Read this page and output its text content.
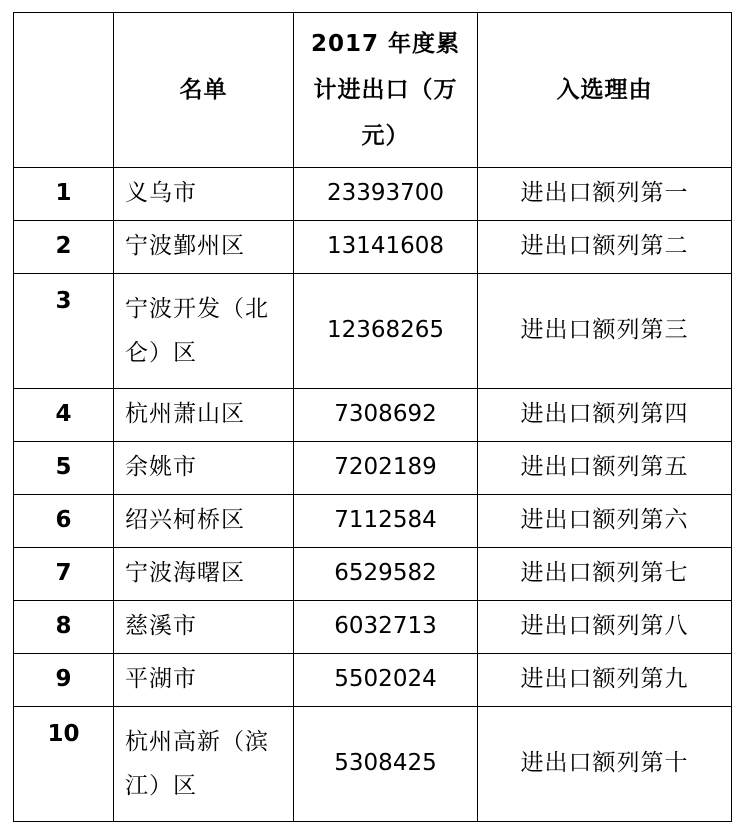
	名单	2017 年度累计进出口（万元）	入选理由

1	义乌市	23393700	进出口额列第一
2	宁波鄞州区	13141608	进出口额列第二
3	宁波开发（北仑）区	12368265	进出口额列第三
4	杭州萧山区	7308692	进出口额列第四
5	余姚市	7202189	进出口额列第五
6	绍兴柯桥区	7112584	进出口额列第六
7	宁波海曙区	6529582	进出口额列第七
8	慈溪市	6032713	进出口额列第八
9	平湖市	5502024	进出口额列第九
10	杭州高新（滨江）区	5308425	进出口额列第十
